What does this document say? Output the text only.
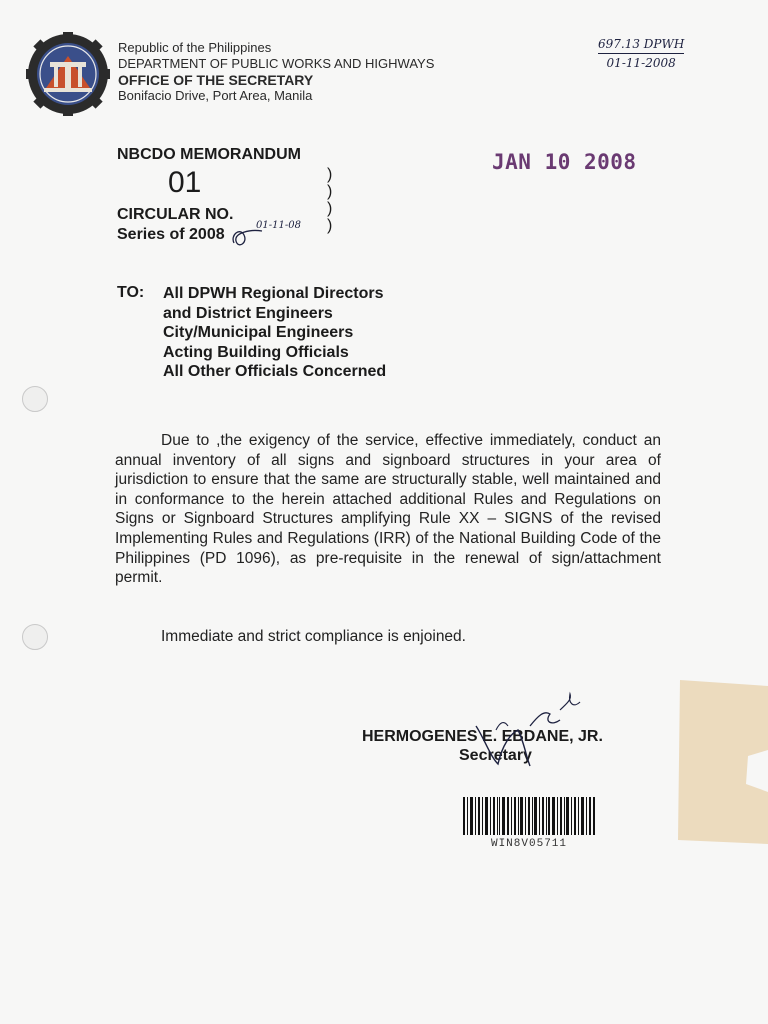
Republic of the Philippines
DEPARTMENT OF PUBLIC WORKS AND HIGHWAYS
OFFICE OF THE SECRETARY
Bonifacio Drive, Port Area, Manila
697.13 DPWH
01-11-2008
NBCDO MEMORANDUM
01
CIRCULAR NO.
Series of 2008
)
)
)
)
01-11-08
JAN 10 2008
TO: All DPWH Regional Directors
and District Engineers
City/Municipal Engineers
Acting Building Officials
All Other Officials Concerned
Due to ,the exigency of the service, effective immediately, conduct an annual inventory of all signs and signboard structures in your area of jurisdiction to ensure that the same are structurally stable, well maintained and in conformance to the herein attached additional Rules and Regulations on Signs or Signboard Structures amplifying Rule XX – SIGNS of the revised Implementing Rules and Regulations (IRR) of the National Building Code of the Philippines (PD 1096), as pre-requisite in the renewal of sign/attachment permit.
Immediate and strict compliance is enjoined.
HERMOGENES E. EBDANE, JR.
Secretary
WIN8V05711
